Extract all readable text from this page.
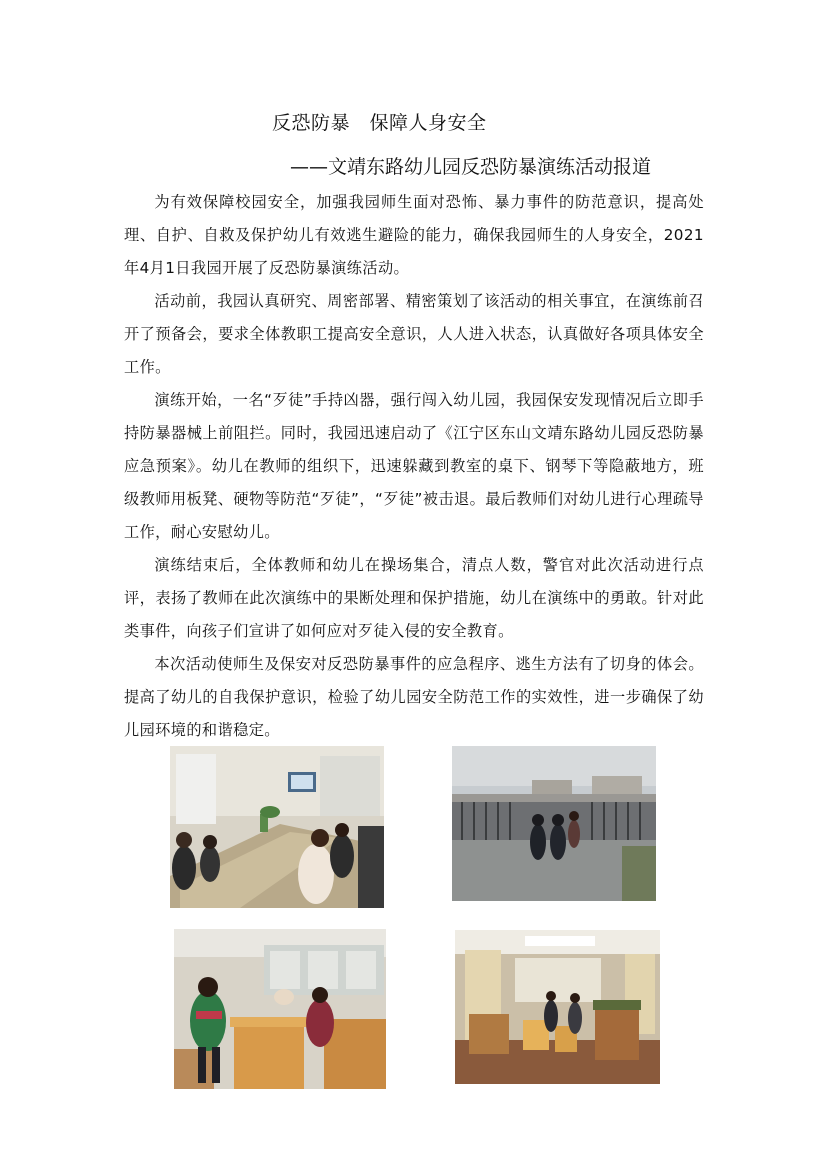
反恐防暴　保障人身安全
——文靖东路幼儿园反恐防暴演练活动报道

为有效保障校园安全，加强我园师生面对恐怖、暴力事件的防范意识，提高处理、自护、自救及保护幼儿有效逃生避险的能力，确保我园师生的人身安全，2021年4月1日我园开展了反恐防暴演练活动。

活动前，我园认真研究、周密部署、精密策划了该活动的相关事宜，在演练前召开了预备会，要求全体教职工提高安全意识，人人进入状态，认真做好各项具体安全工作。

演练开始，一名“歹徒”手持凶器，强行闯入幼儿园，我园保安发现情况后立即手持防暴器械上前阻拦。同时，我园迅速启动了《江宁区东山文靖东路幼儿园反恐防暴应急预案》。幼儿在教师的组织下，迅速躲藏到教室的桌下、钢琴下等隐蔽地方，班级教师用板凳、硬物等防范“歹徒”，“歹徒”被击退。最后教师们对幼儿进行心理疏导工作，耐心安慰幼儿。

演练结束后，全体教师和幼儿在操场集合，清点人数，警官对此次活动进行点评，表扬了教师在此次演练中的果断处理和保护措施，幼儿在演练中的勇敢。针对此类事件，向孩子们宣讲了如何应对歹徒入侵的安全教育。

本次活动使师生及保安对反恐防暴事件的应急程序、逃生方法有了切身的体会。提高了幼儿的自我保护意识，检验了幼儿园安全防范工作的实效性，进一步确保了幼儿园环境的和谐稳定。
